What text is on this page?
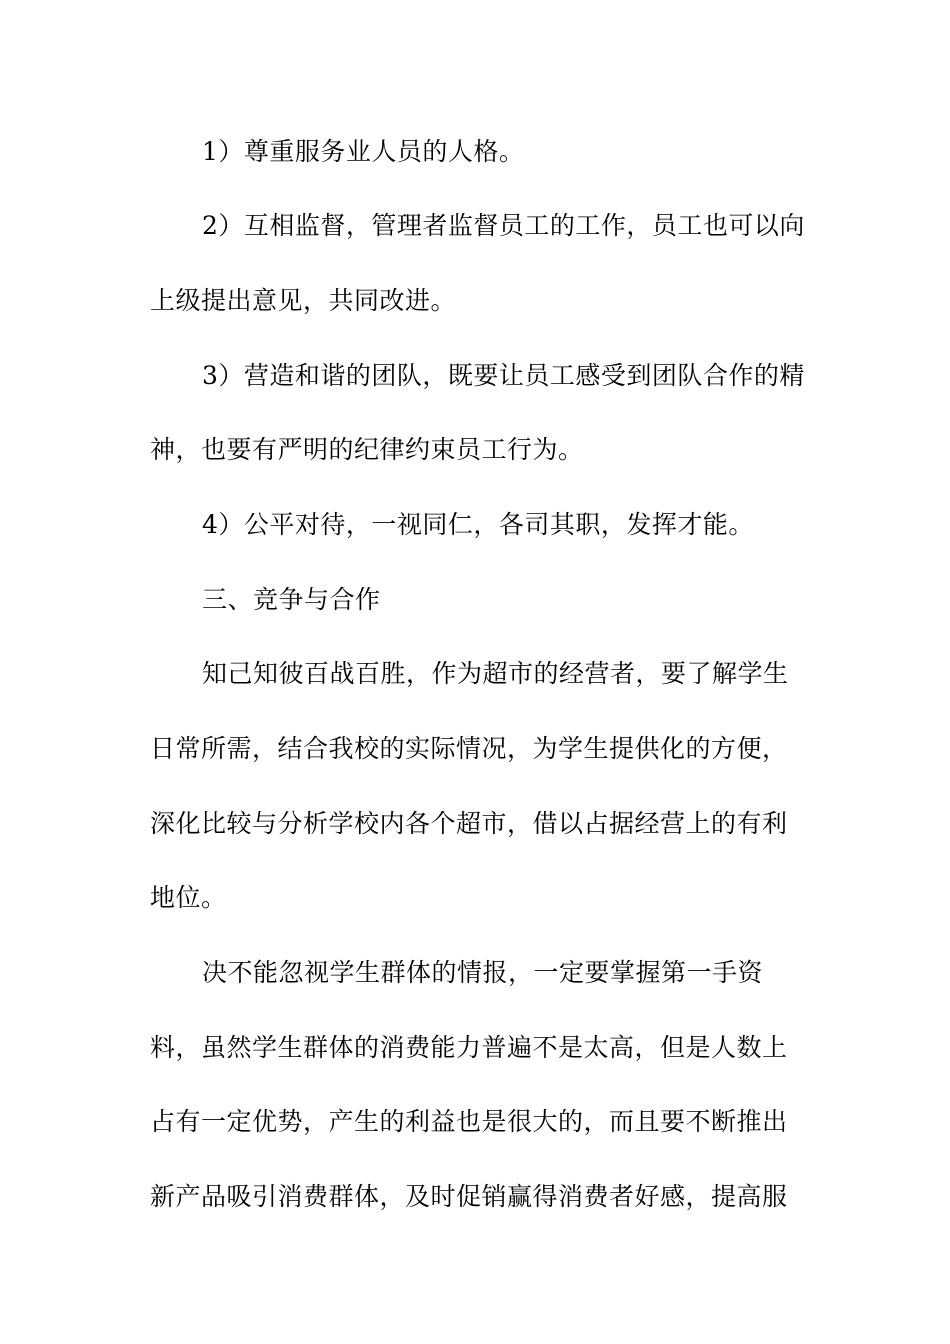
1）尊重服务业人员的人格。
2）互相监督，管理者监督员工的工作，员工也可以向
上级提出意见，共同改进。
3）营造和谐的团队，既要让员工感受到团队合作的精
神，也要有严明的纪律约束员工行为。
4）公平对待，一视同仁，各司其职，发挥才能。
三、竞争与合作
知己知彼百战百胜，作为超市的经营者，要了解学生
日常所需，结合我校的实际情况，为学生提供化的方便，
深化比较与分析学校内各个超市，借以占据经营上的有利
地位。
决不能忽视学生群体的情报，一定要掌握第一手资
料，虽然学生群体的消费能力普遍不是太高，但是人数上
占有一定优势，产生的利益也是很大的，而且要不断推出
新产品吸引消费群体，及时促销赢得消费者好感，提高服
